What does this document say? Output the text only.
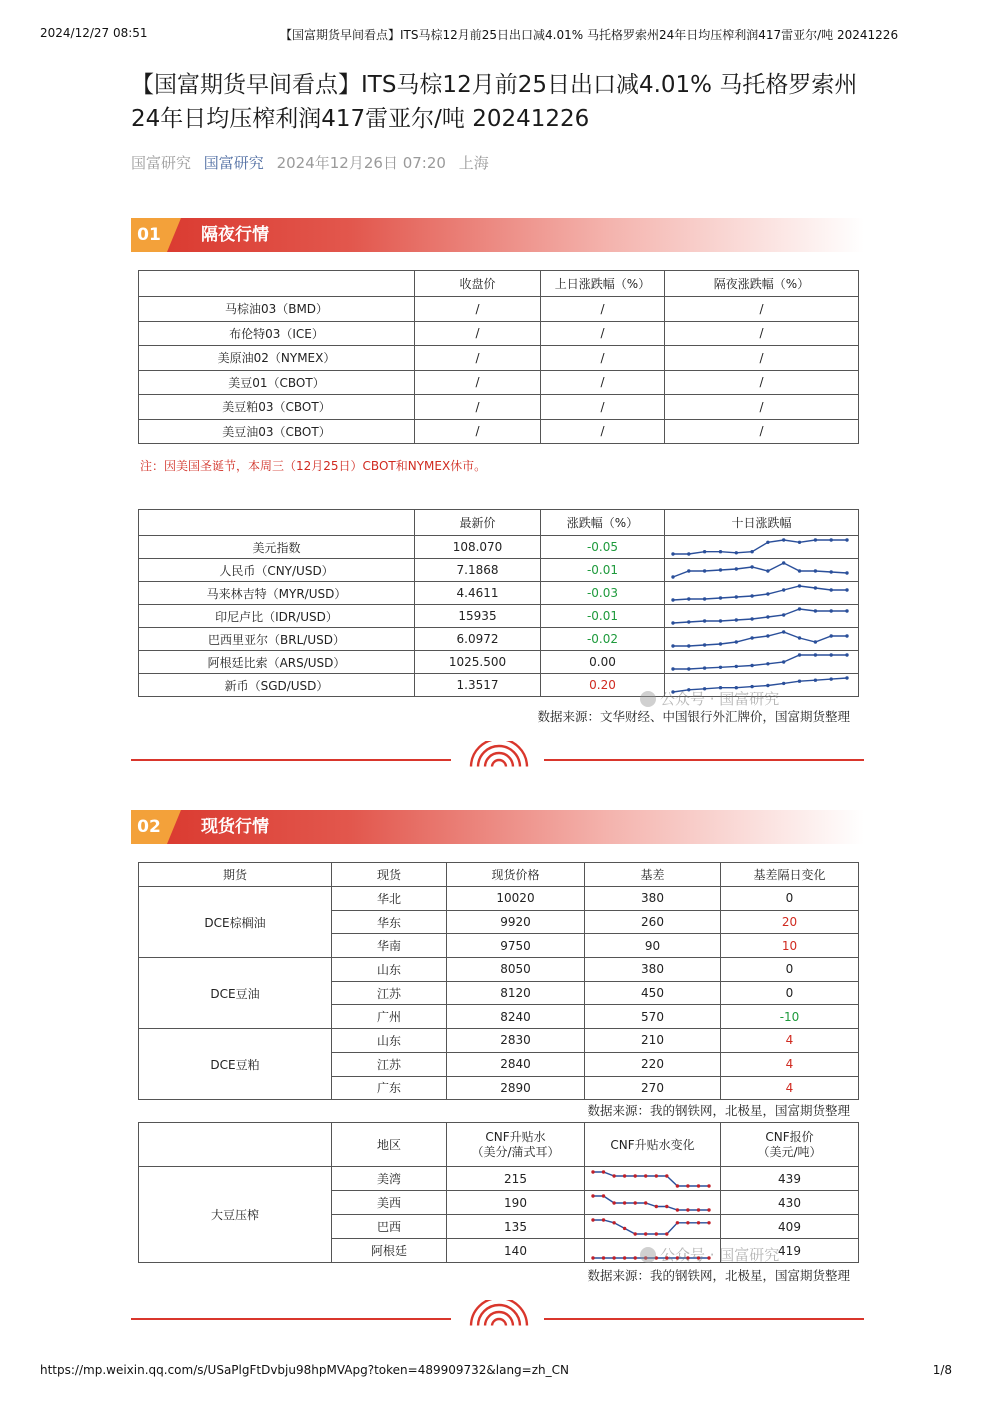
2024/12/27 08:51	【国富期货早间看点】ITS马棕12月前25日出口减4.01% 马托格罗索州24年日均压榨利润417雷亚尔/吨 20241226
【国富期货早间看点】ITS马棕12月前25日出口减4.01% 马托格罗索州24年日均压榨利润417雷亚尔/吨 20241226
国富研究 国富研究 2024年12月26日 07:20 上海
01	隔夜行情
	收盘价	上日涨跌幅（%）	隔夜涨跌幅（%）
马棕油03（BMD）	/	/	/
布伦特03（ICE）	/	/	/
美原油02（NYMEX）	/	/	/
美豆01（CBOT）	/	/	/
美豆粕03（CBOT）	/	/	/
美豆油03（CBOT）	/	/	/
注：因美国圣诞节，本周三（12月25日）CBOT和NYMEX休市。
	最新价	涨跌幅（%）	十日涨跌幅
美元指数	108.070	-0.05	

人民币（CNY/USD）	7.1868	-0.01	

马来林吉特（MYR/USD）	4.4611	-0.03	

印尼卢比（IDR/USD）	15935	-0.01	

巴西里亚尔（BRL/USD）	6.0972	-0.02	

阿根廷比索（ARS/USD）	1025.500	0.00	

新币（SGD/USD）	1.3517	0.20	
数据来源：文华财经、中国银行外汇牌价，国富期货整理
公众号 · 国富研究
02	现货行情
期货	现货	现货价格	基差	基差隔日变化
DCE棕榈油	华北	10020	380	0
	华东	9920	260	20
	华南	9750	90	10
DCE豆油	山东	8050	380	0
	江苏	8120	450	0
	广州	8240	570	-10
DCE豆粕	山东	2830	210	4
	江苏	2840	220	4
	广东	2890	270	4
数据来源：我的钢铁网，北极星，国富期货整理
	地区	CNF升贴水
（美分/蒲式耳）	CNF升贴水变化	CNF报价
（美元/吨）
大豆压榨	美湾	215		439
	美西	190		430
	巴西	135		409
	阿根廷	140		419
数据来源：我的钢铁网，北极星，国富期货整理
公众号 · 国富研究
https://mp.weixin.qq.com/s/USaPlgFtDvbju98hpMVApg?token=489909732&lang=zh_CN	1/8
